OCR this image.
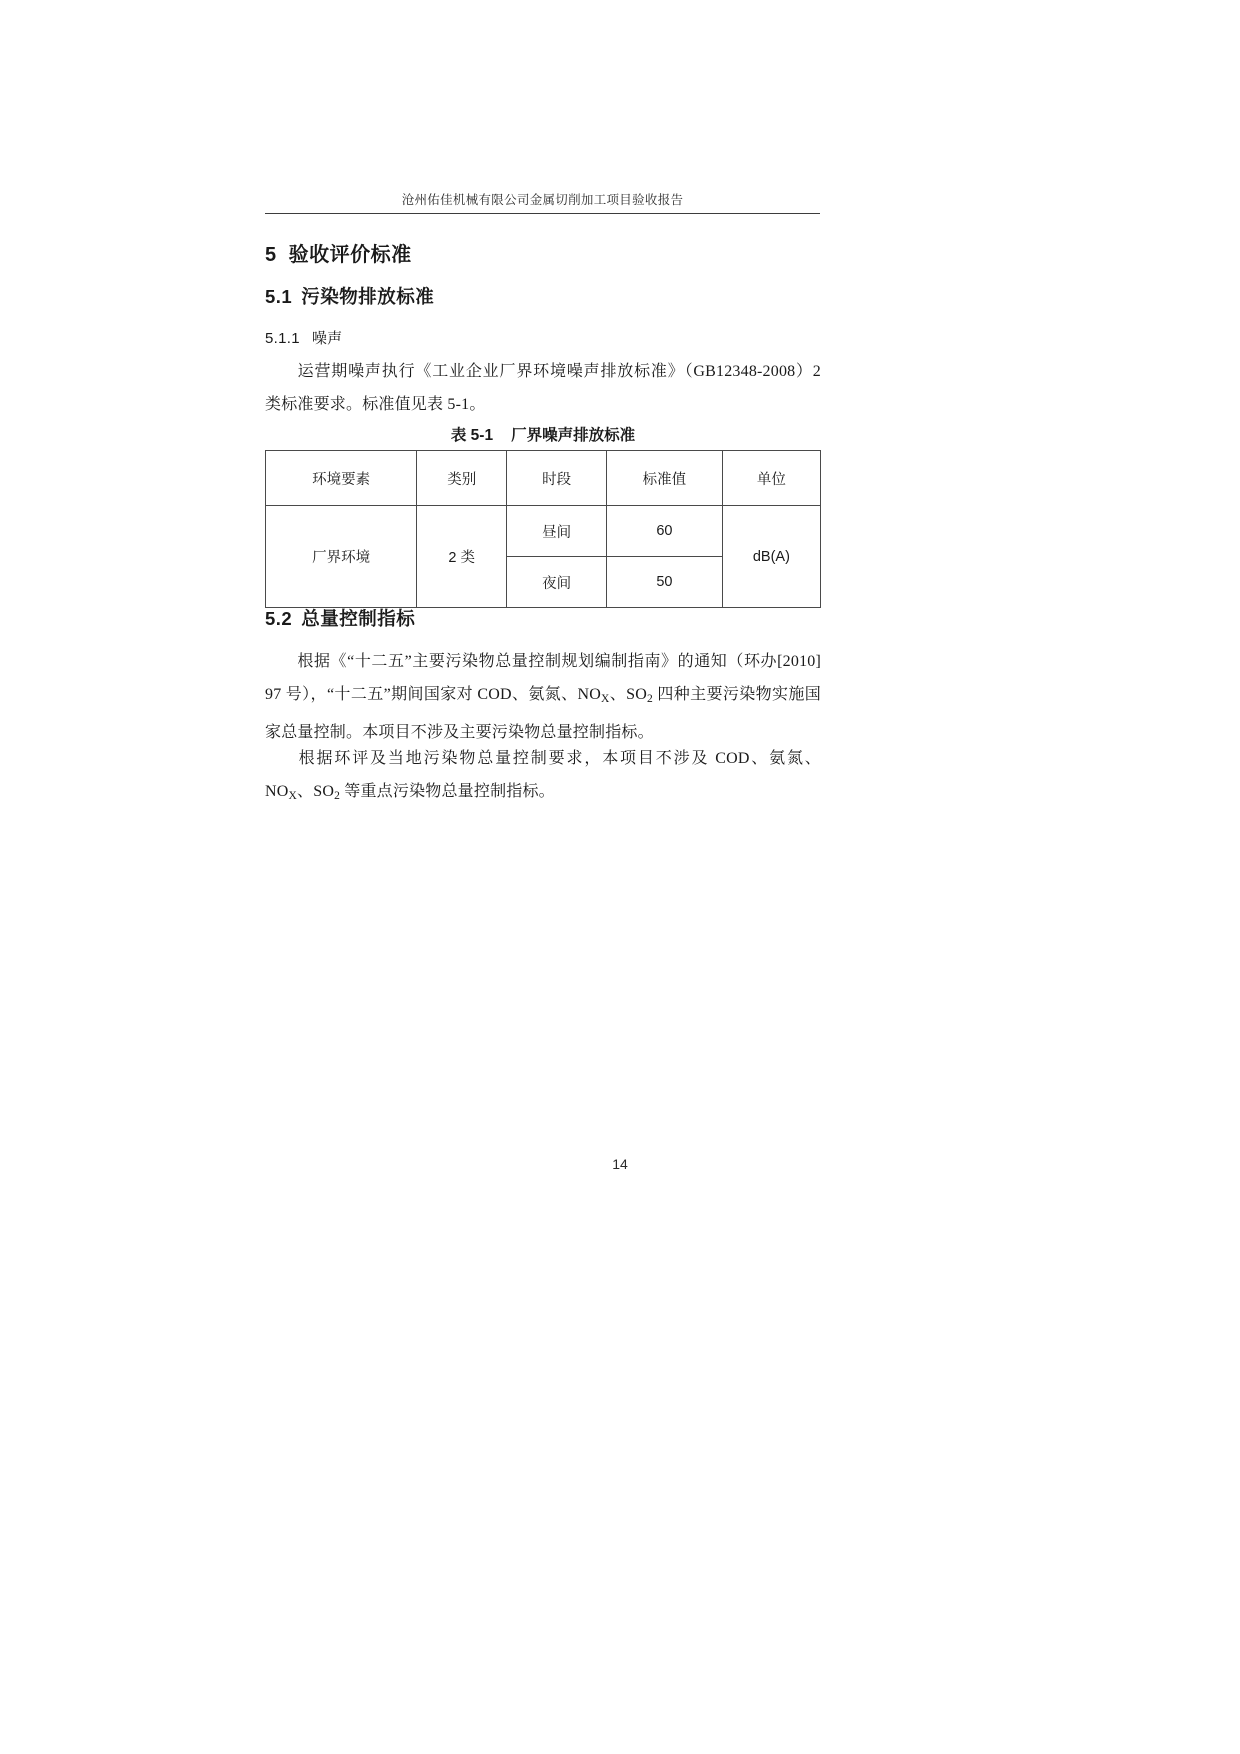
沧州佑佳机械有限公司金属切削加工项目验收报告
5 验收评价标准
5.1 污染物排放标准
5.1.1 噪声
运营期噪声执行《工业企业厂界环境噪声排放标准》（GB12348-2008）2 类标准要求。标准值见表 5-1。
表 5-1 厂界噪声排放标准
环境要素	类别	时段	标准值	单位
厂界环境	2 类	昼间	60	dB(A)
		夜间	50	
5.2 总量控制指标
根据《“十二五”主要污染物总量控制规划编制指南》的通知（环办[2010] 97 号），“十二五”期间国家对 COD、氨氮、$NO_X$、$SO_2$ 四种主要污染物实施国家总量控制。本项目不涉及主要污染物总量控制指标。
根据环评及当地污染物总量控制要求，本项目不涉及 COD、氨氮、$NO_X$、$SO_2$ 等重点污染物总量控制指标。
14
